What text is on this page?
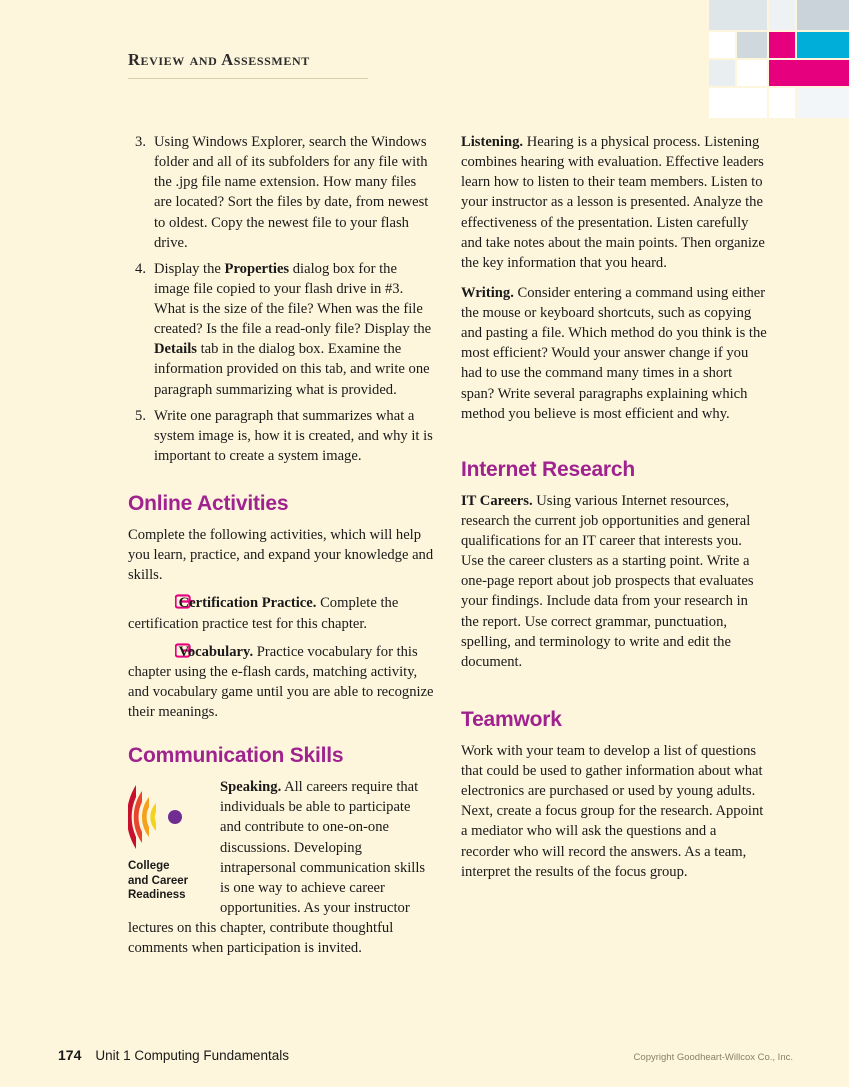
Review and Assessment
3. Using Windows Explorer, search the Windows folder and all of its subfolders for any file with the .jpg file name extension. How many files are located? Sort the files by date, from newest to oldest. Copy the newest file to your flash drive.
4. Display the Properties dialog box for the image file copied to your flash drive in #3. What is the size of the file? When was the file created? Is the file a read-only file? Display the Details tab in the dialog box. Examine the information provided on this tab, and write one paragraph summarizing what is provided.
5. Write one paragraph that summarizes what a system image is, how it is created, and why it is important to create a system image.
Online Activities

Complete the following activities, which will help you learn, practice, and expand your knowledge and skills.

Certification Practice. Complete the certification practice test for this chapter.

Vocabulary. Practice vocabulary for this chapter using the e-flash cards, matching activity, and vocabulary game until you are able to recognize their meanings.

Communication Skills
College
and Career
Readiness

Speaking. All careers require that individuals be able to participate and contribute to one-on-one discussions. Developing intrapersonal communication skills is one way to achieve career opportunities. As your instructor lectures on this chapter, contribute thoughtful comments when participation is invited.

Listening. Hearing is a physical process. Listening combines hearing with evaluation. Effective leaders learn how to listen to their team members. Listen to your instructor as a lesson is presented. Analyze the effectiveness of the presentation. Listen carefully and take notes about the main points. Then organize the key information that you heard.

Writing. Consider entering a command using either the mouse or keyboard shortcuts, such as copying and pasting a file. Which method do you think is the most efficient? Would your answer change if you had to use the command many times in a short span? Write several paragraphs explaining which method you believe is most efficient and why.

Internet Research

IT Careers. Using various Internet resources, research the current job opportunities and general qualifications for an IT career that interests you. Use the career clusters as a starting point. Write a one-page report about job prospects that evaluates your findings. Include data from your research in the report. Use correct grammar, punctuation, spelling, and terminology to write and edit the document.

Teamwork

Work with your team to develop a list of questions that could be used to gather information about what electronics are purchased or used by young adults. Next, create a focus group for the research. Appoint a mediator who will ask the questions and a recorder who will record the answers. As a team, interpret the results of the focus group.

174 Unit 1 Computing Fundamentals	Copyright Goodheart-Willcox Co., Inc.
